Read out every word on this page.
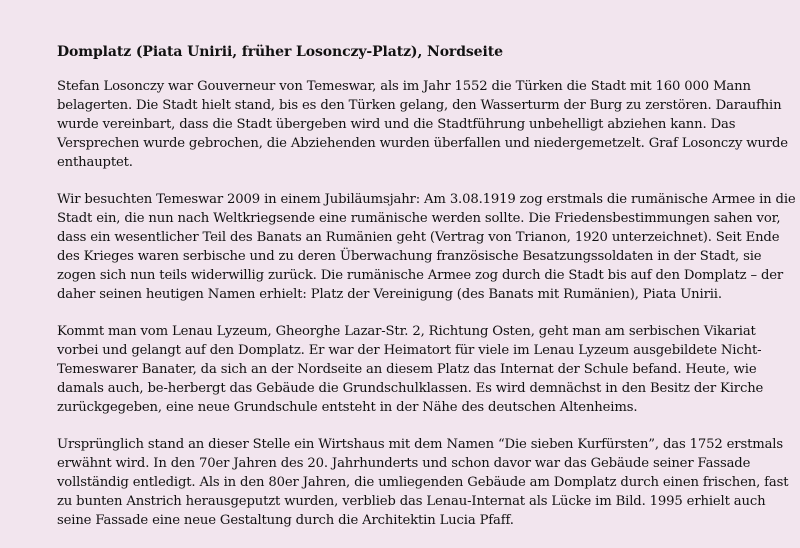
Domplatz (Piata Unirii, früher Losonczy-Platz), Nordseite

Stefan Losonczy war Gouverneur von Temeswar, als im Jahr 1552 die Türken die Stadt mit 160 000 Mann belagerten. Die Stadt hielt stand, bis es den Türken gelang, den Wasserturm der Burg zu zerstören. Daraufhin wurde vereinbart, dass die Stadt übergeben wird und die Stadtführung unbehelligt abziehen kann. Das Versprechen wurde gebrochen, die Abziehenden wurden überfallen und niedergemetzelt. Graf Losonczy wurde enthauptet.

Wir besuchten Temeswar 2009 in einem Jubiläumsjahr: Am 3.08.1919 zog erstmals die rumänische Armee in die Stadt ein, die nun nach Weltkriegsende eine rumänische werden sollte. Die Friedensbestimmungen sahen vor, dass ein wesentlicher Teil des Banats an Rumänien geht (Vertrag von Trianon, 1920 unterzeichnet). Seit Ende des Krieges waren serbische und zu deren Überwachung französische Besatzungssoldaten in der Stadt, sie zogen sich nun teils widerwillig zurück. Die rumänische Armee zog durch die Stadt bis auf den Domplatz – der daher seinen heutigen Namen erhielt: Platz der Vereinigung (des Banats mit Rumänien), Piata Unirii.

Kommt man vom Lenau Lyzeum, Gheorghe Lazar-Str. 2, Richtung Osten, geht man am serbischen Vikariat vorbei und gelangt auf den Domplatz. Er war der Heimatort für viele im Lenau Lyzeum ausgebildete Nicht-Temeswarer Banater, da sich an der Nordseite an diesem Platz das Internat der Schule befand. Heute, wie damals auch, be-herbergt das Gebäude die Grundschulklassen. Es wird demnächst in den Besitz der Kirche zurückgegeben, eine neue Grundschule entsteht in der Nähe des deutschen Altenheims.

Ursprünglich stand an dieser Stelle ein Wirtshaus mit dem Namen “Die sieben Kurfürsten”, das 1752 erstmals erwähnt wird. In den 70er Jahren des 20. Jahrhunderts und schon davor war das Gebäude seiner Fassade vollständig entledigt. Als in den 80er Jahren, die umliegenden Gebäude am Domplatz durch einen frischen, fast zu bunten Anstrich herausgeputzt wurden, verblieb das Lenau-Internat als Lücke im Bild. 1995 erhielt auch seine Fassade eine neue Gestaltung durch die Architektin Lucia Pfaff.
